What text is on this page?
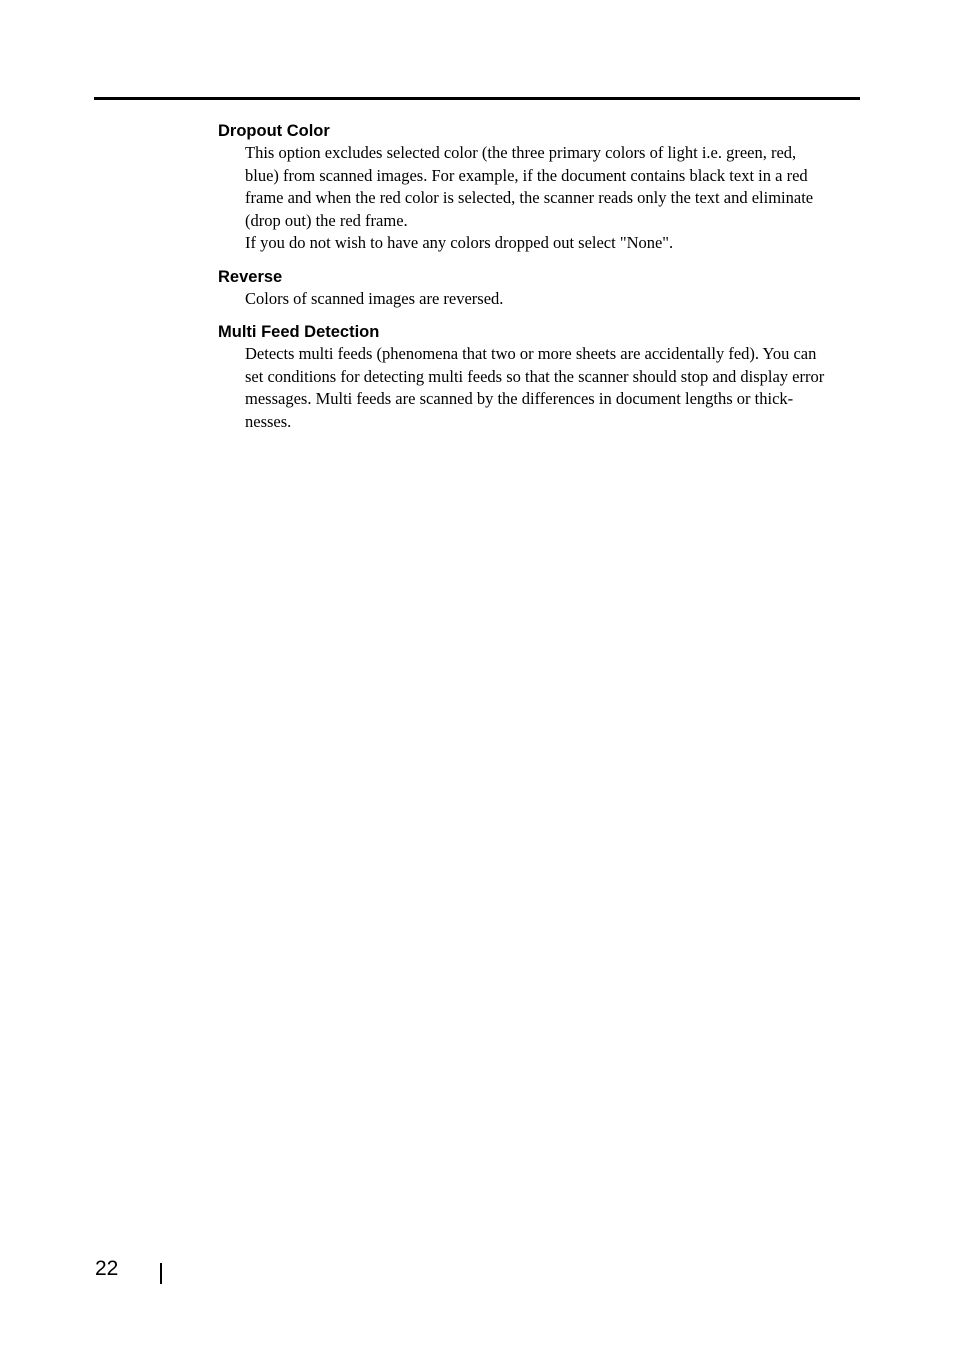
Dropout Color
This option excludes selected color (the three primary colors of light i.e. green, red,
blue) from scanned images. For example, if the document contains black text in a red
frame and when the red color is selected, the scanner reads only the text and eliminate
(drop out) the red frame.
If you do not wish to have any colors dropped out select "None".
Reverse
Colors of scanned images are reversed.
Multi Feed Detection
Detects multi feeds (phenomena that two or more sheets are accidentally fed). You can
set conditions for detecting multi feeds so that the scanner should stop and display error
messages. Multi feeds are scanned by the differences in document lengths or thick-
nesses.
22
